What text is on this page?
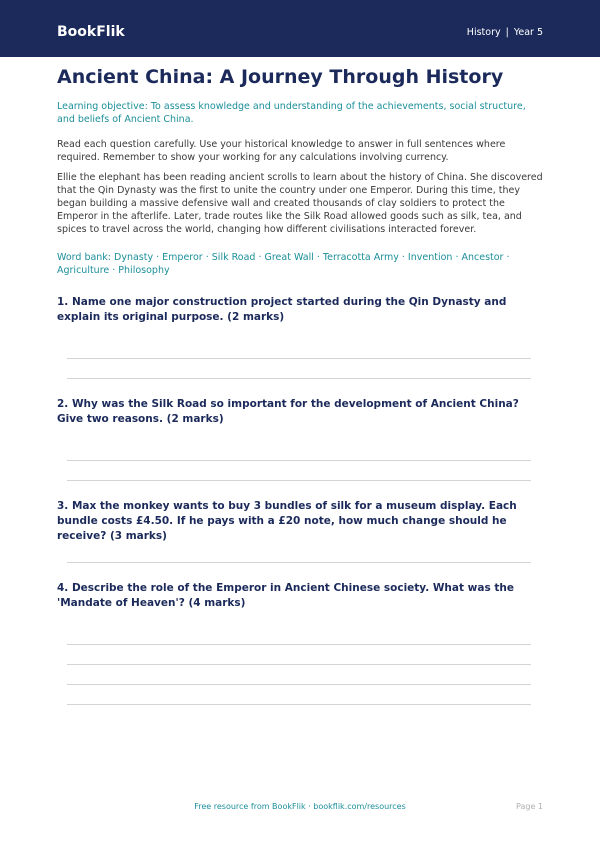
BookFlik	History | Year 5
Ancient China: A Journey Through History
Learning objective: To assess knowledge and understanding of the achievements, social structure, and beliefs of Ancient China.
Read each question carefully. Use your historical knowledge to answer in full sentences where required. Remember to show your working for any calculations involving currency.
Ellie the elephant has been reading ancient scrolls to learn about the history of China. She discovered that the Qin Dynasty was the first to unite the country under one Emperor. During this time, they began building a massive defensive wall and created thousands of clay soldiers to protect the Emperor in the afterlife. Later, trade routes like the Silk Road allowed goods such as silk, tea, and spices to travel across the world, changing how different civilisations interacted forever.
Word bank: Dynasty · Emperor · Silk Road · Great Wall · Terracotta Army · Invention · Ancestor · Agriculture · Philosophy
1. Name one major construction project started during the Qin Dynasty and explain its original purpose. (2 marks)
2. Why was the Silk Road so important for the development of Ancient China? Give two reasons. (2 marks)
3. Max the monkey wants to buy 3 bundles of silk for a museum display. Each bundle costs £4.50. If he pays with a £20 note, how much change should he receive? (3 marks)
4. Describe the role of the Emperor in Ancient Chinese society. What was the 'Mandate of Heaven'? (4 marks)
Free resource from BookFlik · bookflik.com/resources	Page 1
